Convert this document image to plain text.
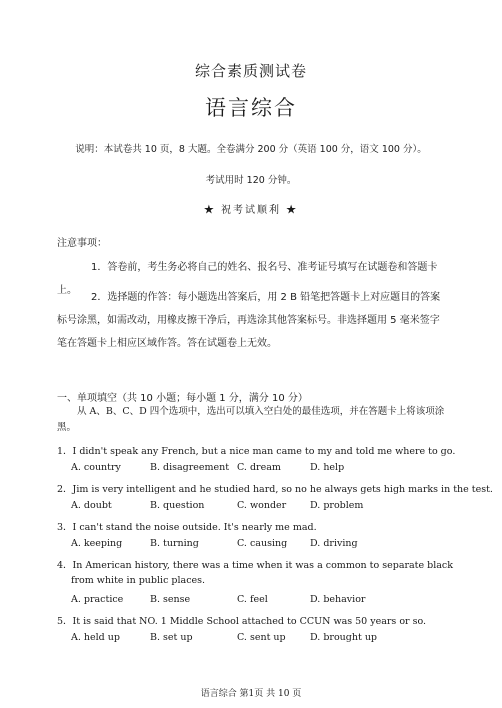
综合素质测试卷
语言综合
说明：本试卷共 10 页，8 大题。全卷满分 200 分（英语 100 分，语文 100 分）。
考试用时 120 分钟。
★ 祝考试顺利 ★
注意事项：
1．答卷前，考生务必将自己的姓名、报名号、准考证号填写在试题卷和答题卡上。
2．选择题的作答：每小题选出答案后，用 2 B 铅笔把答题卡上对应题目的答案标号涂黑，如需改动，用橡皮擦干净后，再选涂其他答案标号。非选择题用 5 毫米签字笔在答题卡上相应区域作答。答在试题卷上无效。
一、单项填空（共 10 小题；每小题 1 分，满分 10 分）
从 A、B、C、D 四个选项中，选出可以填入空白处的最佳选项，并在答题卡上将该项涂黑。
1．I didn't speak any French, but a nice man came to my and told me where to go.
A. country	B. disagreement C. dream	D. help
2．Jim is very intelligent and he studied hard, so no he always gets high marks in the test.
A. doubt	B. question	C. wonder	D. problem
3．I can't stand the noise outside. It's nearly me mad.
A. keeping	B. turning	C. causing D. driving
4．In American history, there was a time when it was a common to separate black
from white in public places.
A. practice	B. sense	C. feel	D. behavior
5．It is said that NO. 1 Middle School attached to CCUN was 50 years or so.
A. held up	B. set up	C. sent up	D. brought up
语言综合 第1页 共 10 页
